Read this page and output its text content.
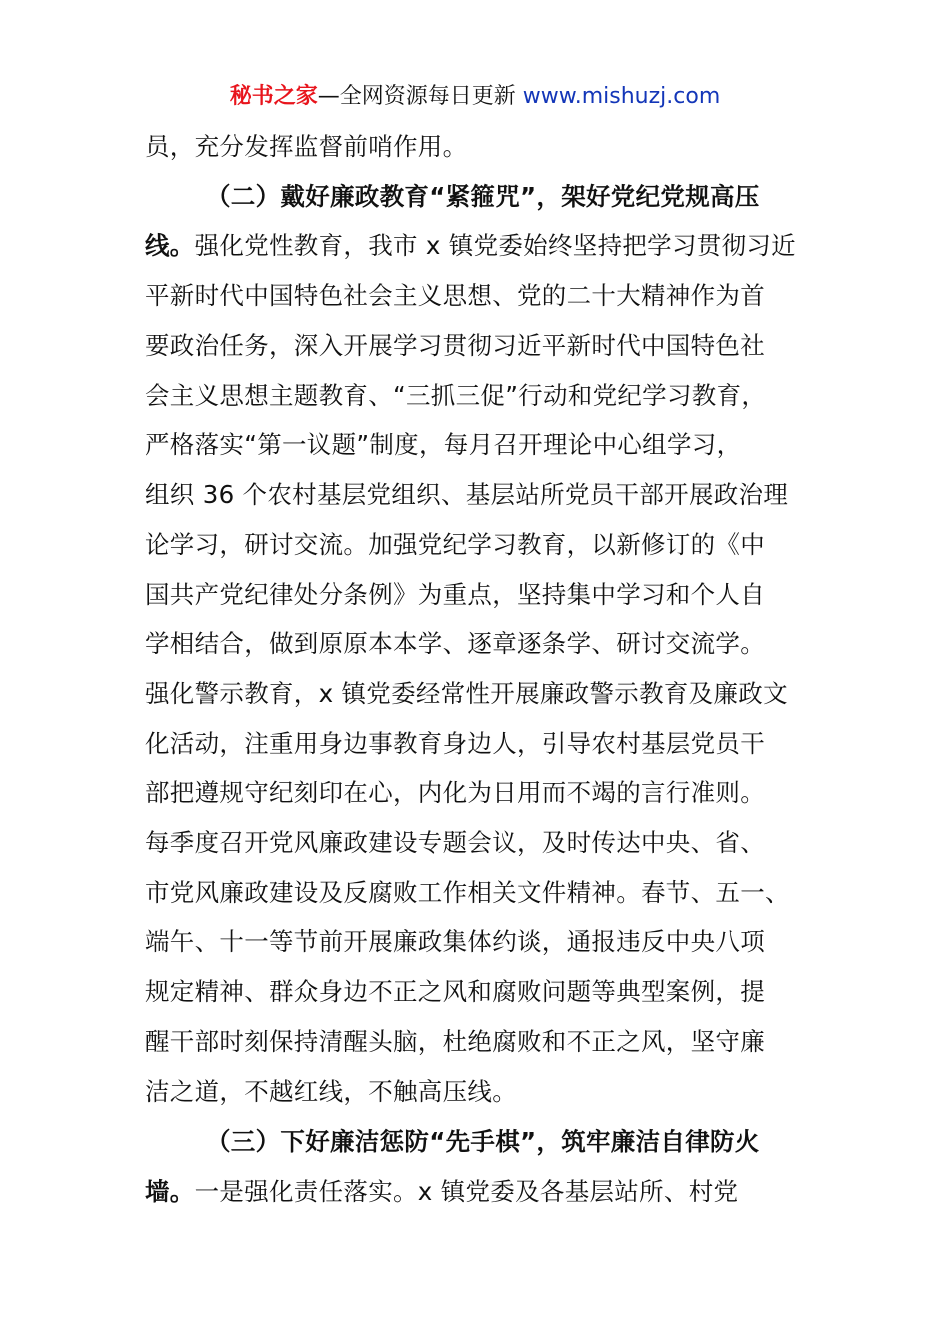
秘书之家—全网资源每日更新 www.mishuzj.com
员，充分发挥监督前哨作用。
（二）戴好廉政教育“紧箍咒”，架好党纪党规高压
线。强化党性教育，我市 x 镇党委始终坚持把学习贯彻习近
平新时代中国特色社会主义思想、党的二十大精神作为首
要政治任务，深入开展学习贯彻习近平新时代中国特色社
会主义思想主题教育、“三抓三促”行动和党纪学习教育，
严格落实“第一议题”制度，每月召开理论中心组学习，
组织 36 个农村基层党组织、基层站所党员干部开展政治理
论学习，研讨交流。加强党纪学习教育，以新修订的《中
国共产党纪律处分条例》为重点，坚持集中学习和个人自
学相结合，做到原原本本学、逐章逐条学、研讨交流学。
强化警示教育，x 镇党委经常性开展廉政警示教育及廉政文
化活动，注重用身边事教育身边人，引导农村基层党员干
部把遵规守纪刻印在心，内化为日用而不竭的言行准则。
每季度召开党风廉政建设专题会议，及时传达中央、省、
市党风廉政建设及反腐败工作相关文件精神。春节、五一、
端午、十一等节前开展廉政集体约谈，通报违反中央八项
规定精神、群众身边不正之风和腐败问题等典型案例，提
醒干部时刻保持清醒头脑，杜绝腐败和不正之风，坚守廉
洁之道，不越红线，不触高压线。
（三）下好廉洁惩防“先手棋”，筑牢廉洁自律防火
墙。一是强化责任落实。x 镇党委及各基层站所、村党
